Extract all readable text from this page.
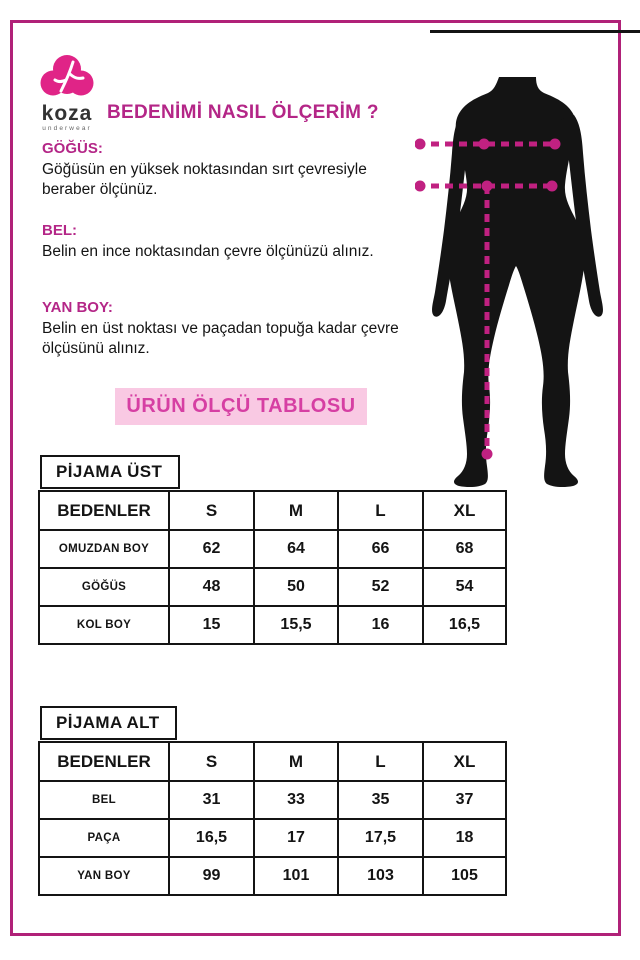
koza
underwear
BEDENİMİ NASIL ÖLÇERİM ?
GÖĞÜS:
Göğüsün en yüksek noktasından sırt çevresiyle beraber ölçünüz.
BEL:
Belin en ince noktasından çevre ölçünüzü alınız.
YAN BOY:
Belin en üst noktası ve paçadan topuğa kadar çevre ölçüsünü alınız.
ÜRÜN ÖLÇÜ TABLOSU
PİJAMA ÜST
BEDENLER	S	M	L	XL
OMUZDAN BOY	62	64	66	68
GÖĞÜS	48	50	52	54
KOL BOY	15	15,5	16	16,5
PİJAMA ALT
BEDENLER	S	M	L	XL
BEL	31	33	35	37
PAÇA	16,5	17	17,5	18
YAN BOY	99	101	103	105
